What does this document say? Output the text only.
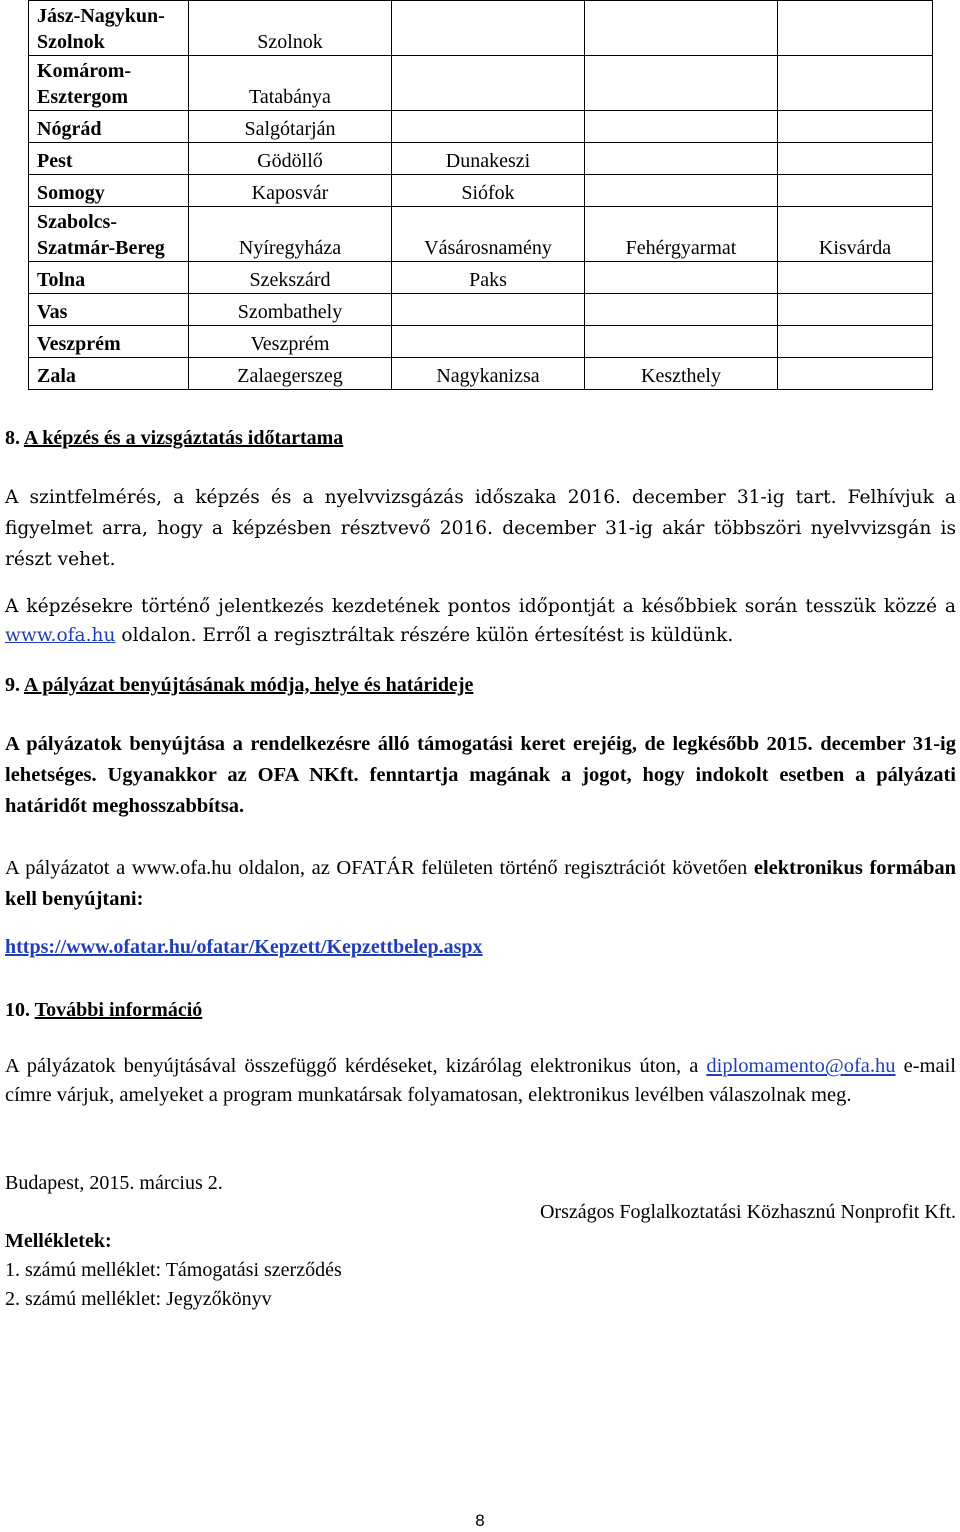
Jász-Nagykun-Szolnok	Szolnok			
Komárom-Esztergom	Tatabánya			
Nógrád	Salgótarján			
Pest	Gödöllő	Dunakeszi		
Somogy	Kaposvár	Siófok		
Szabolcs-Szatmár-Bereg	Nyíregyháza	Vásárosnamény	Fehérgyarmat	Kisvárda
Tolna	Szekszárd	Paks		
Vas	Szombathely			
Veszprém	Veszprém			
Zala	Zalaegerszeg	Nagykanizsa	Keszthely	
8. A képzés és a vizsgáztatás időtartama
A szintfelmérés, a képzés és a nyelvvizsgázás időszaka 2016. december 31-ig tart. Felhívjuk a figyelmet arra, hogy a képzésben résztvevő 2016. december 31-ig akár többszöri nyelvvizsgán is részt vehet.
A képzésekre történő jelentkezés kezdetének pontos időpontját a későbbiek során tesszük közzé a www.ofa.hu oldalon. Erről a regisztráltak részére külön értesítést is küldünk.
9. A pályázat benyújtásának módja, helye és határideje
A pályázatok benyújtása a rendelkezésre álló támogatási keret erejéig, de legkésőbb 2015. december 31-ig lehetséges. Ugyanakkor az OFA NKft. fenntartja magának a jogot, hogy indokolt esetben a pályázati határidőt meghosszabbítsa.
A pályázatot a www.ofa.hu oldalon, az OFATÁR felületen történő regisztrációt követően elektronikus formában kell benyújtani:
https://www.ofatar.hu/ofatar/Kepzett/Kepzettbelep.aspx
10. További információ
A pályázatok benyújtásával összefüggő kérdéseket, kizárólag elektronikus úton, a diplomamento@ofa.hu e-mail címre várjuk, amelyeket a program munkatársak folyamatosan, elektronikus levélben válaszolnak meg.
Budapest, 2015. március 2.
Országos Foglalkoztatási Közhasznú Nonprofit Kft.
Mellékletek:
1. számú melléklet: Támogatási szerződés
2. számú melléklet: Jegyzőkönyv
8
